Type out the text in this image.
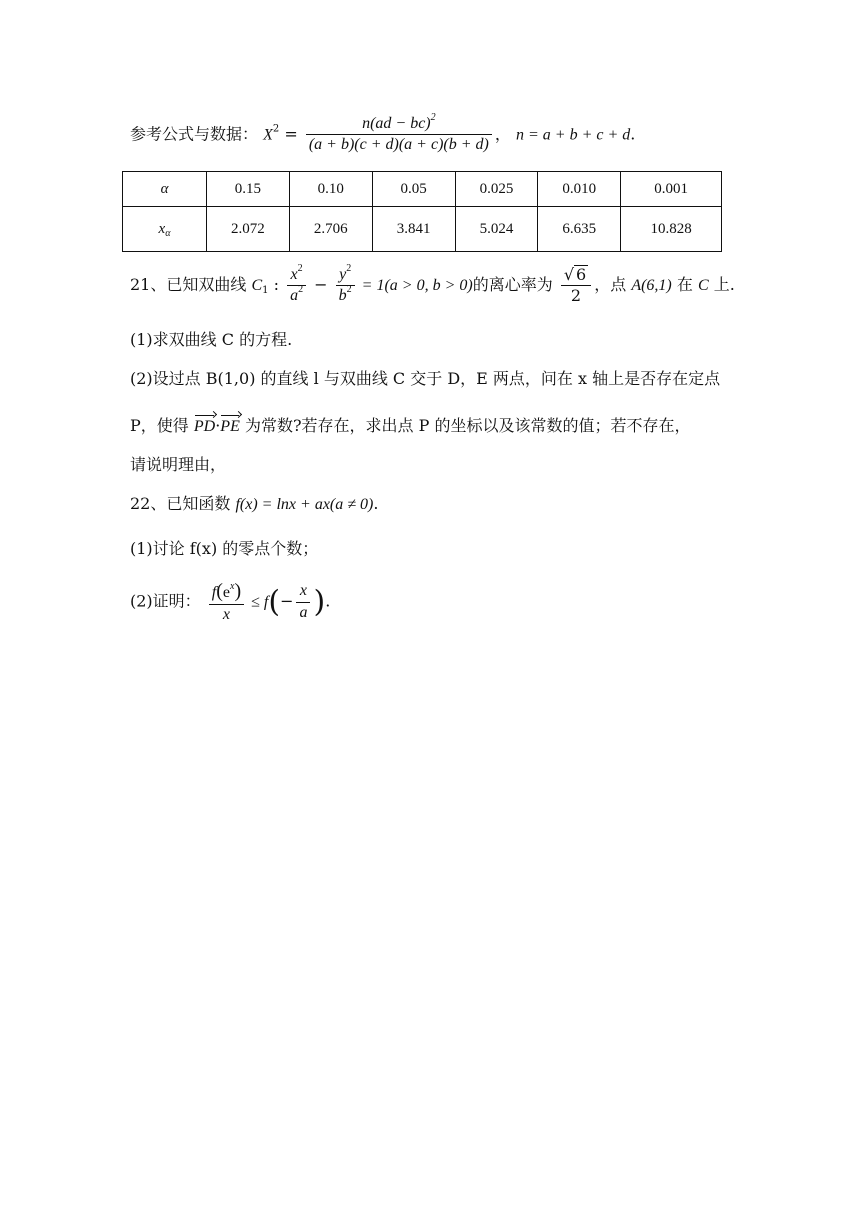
参考公式与数据： $X^2 = \frac{n(ad - bc)^2}{(a + b)(c + d)(a + c)(b + d)}$ ， n = a + b + c + d.
α	0.15	0.10	0.05	0.025	0.010	0.001
$x_\alpha$	2.072	2.706	3.841	5.024	6.635	10.828
21、已知双曲线 $C_1$ : $\frac{x^2}{a^2} - \frac{y^2}{b^2} = 1(a > 0$, b > 0)的离心率为 $\frac{√ 6}{2}$ ，点 A(6,1) 在 C 上.
(1)求双曲线 C 的方程.
(2)设过点 B(1,0) 的直线 l 与双曲线 C 交于 D，E 两点，问在 x 轴上是否存在定点
P，使得 PD·PE 为常数?若存在，求出点 P 的坐标以及该常数的值；若不存在，
请说明理由，
22、已知函数 f(x) = lnx + ax(a ≠ 0).
(1)讨论 f(x) 的零点个数；
(2)证明： $\frac{f(e^x)}{x} \le f(- \frac{x}{a}$ ).
